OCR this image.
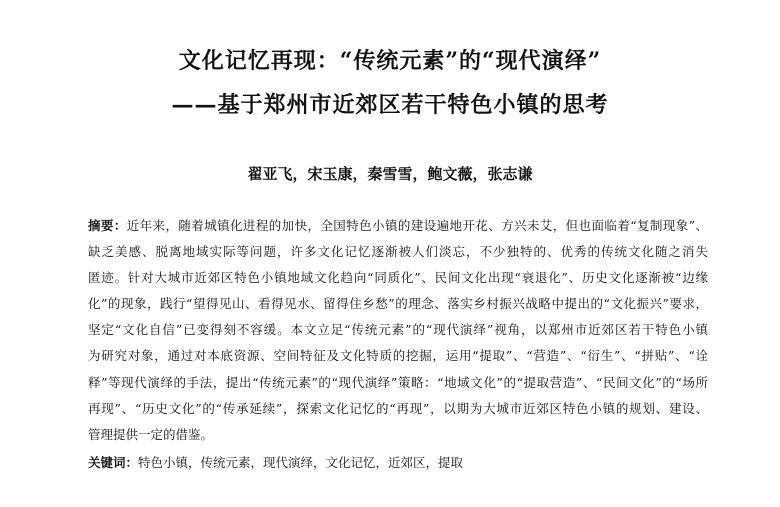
文化记忆再现：“传统元素”的“现代演绎”
——基于郑州市近郊区若干特色小镇的思考
翟亚飞，宋玉康，秦雪雪，鲍文薇，张志谦
摘要：近年来，随着城镇化进程的加快，全国特色小镇的建设遍地开花、方兴未艾，但也面临着“复制现象”、
缺乏美感、脱离地域实际等问题，许多文化记忆逐渐被人们淡忘，不少独特的、优秀的传统文化随之消失
匿迹。针对大城市近郊区特色小镇地域文化趋向“同质化”、民间文化出现“衰退化”、历史文化逐渐被“边缘
化”的现象，践行“望得见山、看得见水、留得住乡愁”的理念、落实乡村振兴战略中提出的“文化振兴”要求，
坚定“文化自信”已变得刻不容缓。本文立足“传统元素”的“现代演绎”视角，以郑州市近郊区若干特色小镇
为研究对象，通过对本底资源、空间特征及文化特质的挖掘，运用“提取”、“营造”、“衍生”、“拼贴”、“诠
释”等现代演绎的手法，提出“传统元素”的“现代演绎”策略：“地域文化”的“提取营造”、“民间文化”的“场所
再现”、“历史文化”的“传承延续”，探索文化记忆的“再现”，以期为大城市近郊区特色小镇的规划、建设、
管理提供一定的借鉴。
关键词：特色小镇，传统元素，现代演绎，文化记忆，近郊区，提取
